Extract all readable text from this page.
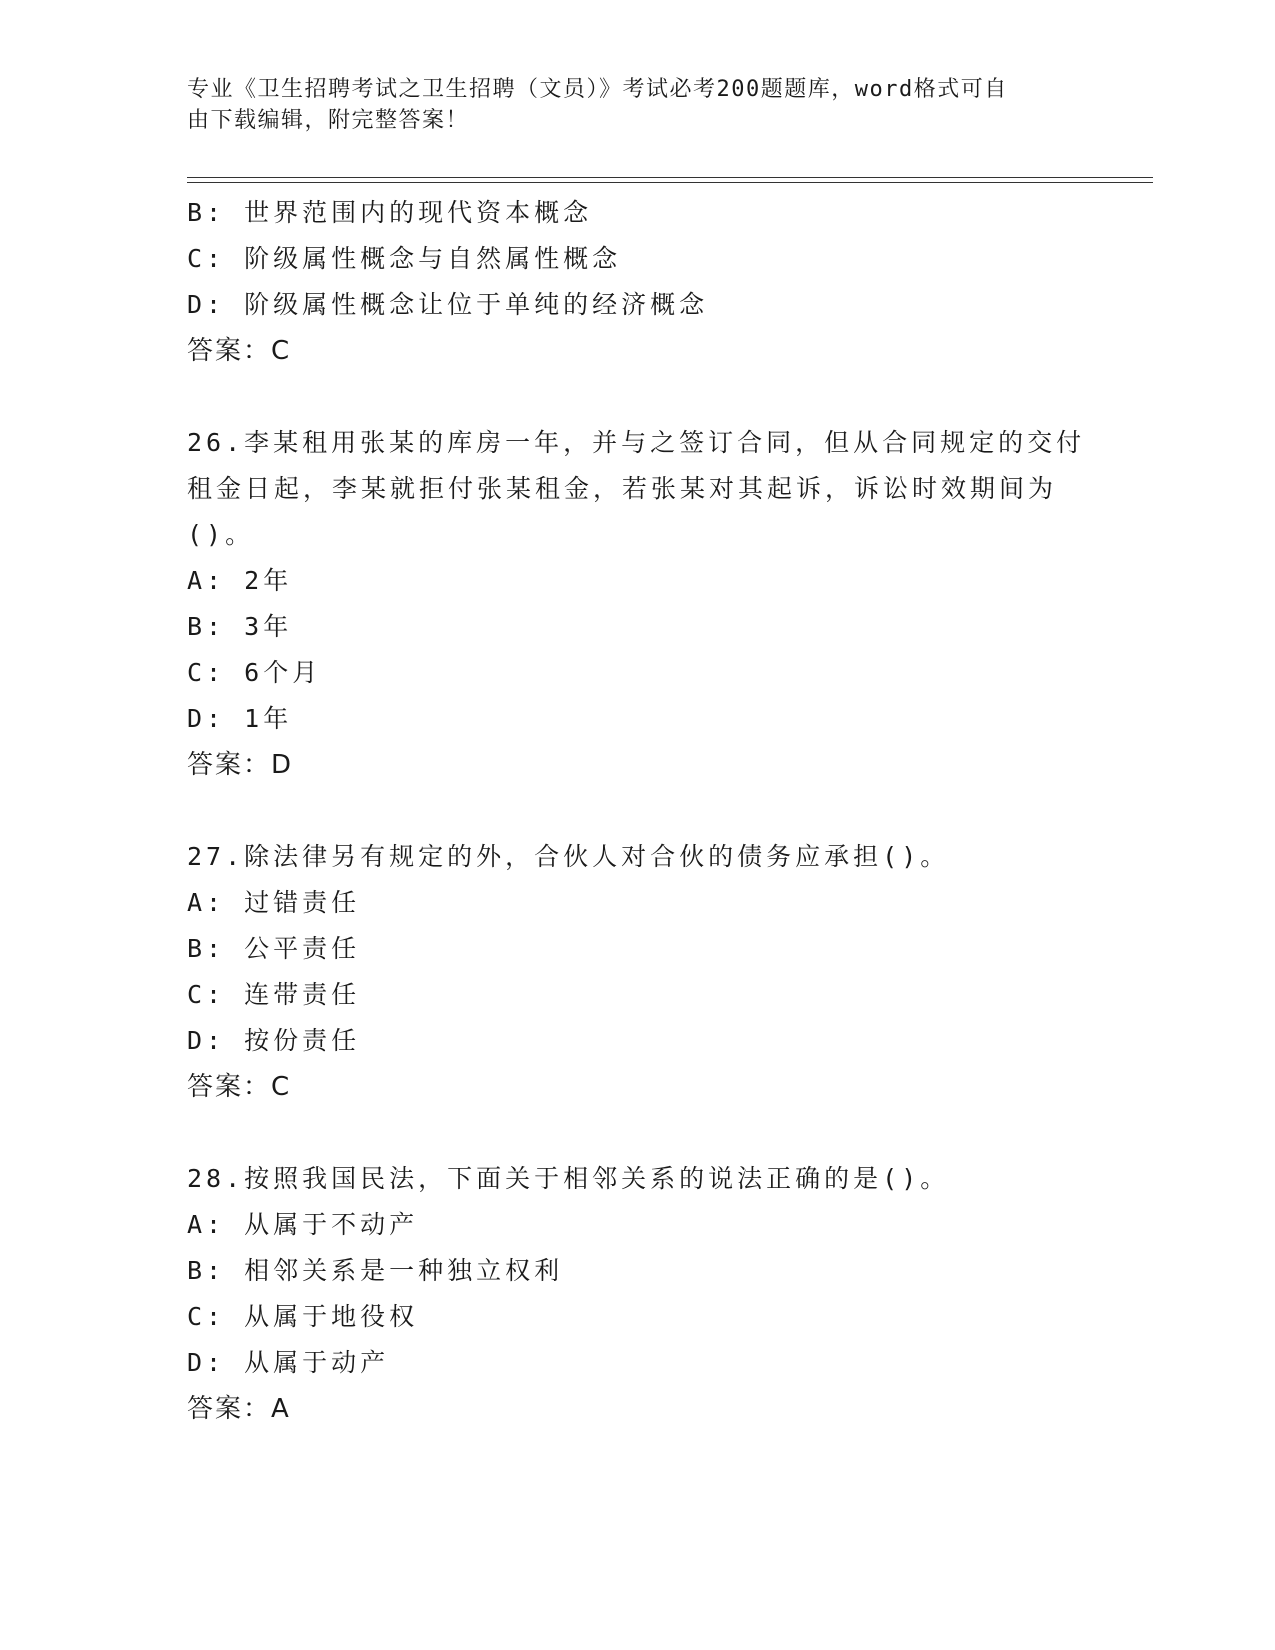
专业《卫生招聘考试之卫生招聘（文员）》考试必考200题题库，word格式可自
由下载编辑，附完整答案！
B: 世界范围内的现代资本概念
C: 阶级属性概念与自然属性概念
D: 阶级属性概念让位于单纯的经济概念
答案：C
26.李某租用张某的库房一年，并与之签订合同，但从合同规定的交付
租金日起，李某就拒付张某租金，若张某对其起诉，诉讼时效期间为
()。
A: 2年
B: 3年
C: 6个月
D: 1年
答案：D
27.除法律另有规定的外，合伙人对合伙的债务应承担()。
A: 过错责任
B: 公平责任
C: 连带责任
D: 按份责任
答案：C
28.按照我国民法，下面关于相邻关系的说法正确的是()。
A: 从属于不动产
B: 相邻关系是一种独立权利
C: 从属于地役权
D: 从属于动产
答案：A
